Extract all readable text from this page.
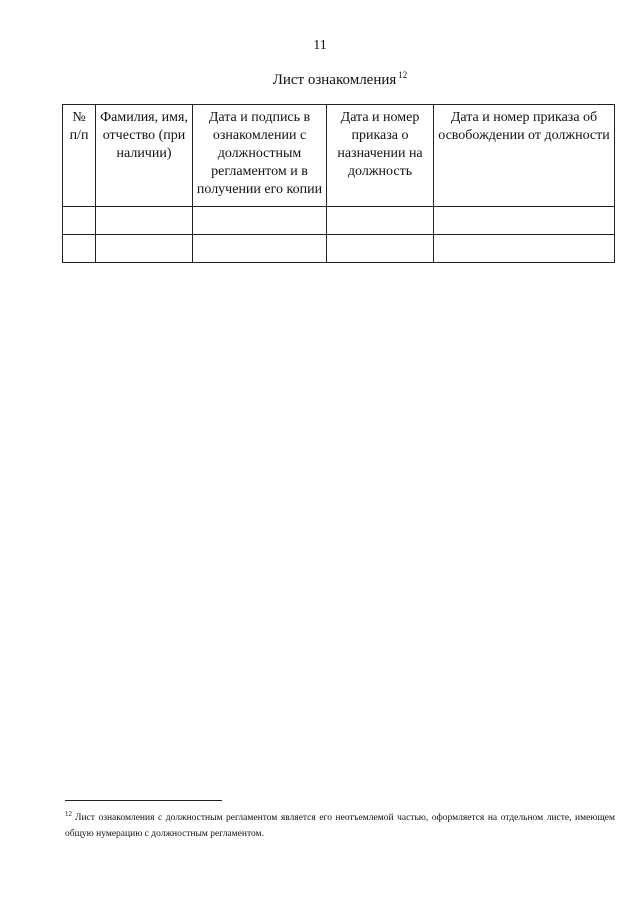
11
Лист ознакомления $^{12}$
№ п/п	Фамилия, имя, отчество (при наличии)	Дата и подпись в ознакомлении с должностным регламентом и в получении его копии	Дата и номер приказа о назначении на должность	Дата и номер приказа об освобождении от должности

$^{12}$ Лист ознакомления с должностным регламентом является его неотъемлемой частью, оформляется на отдельном листе, имеющем общую нумерацию с должностным регламентом.
